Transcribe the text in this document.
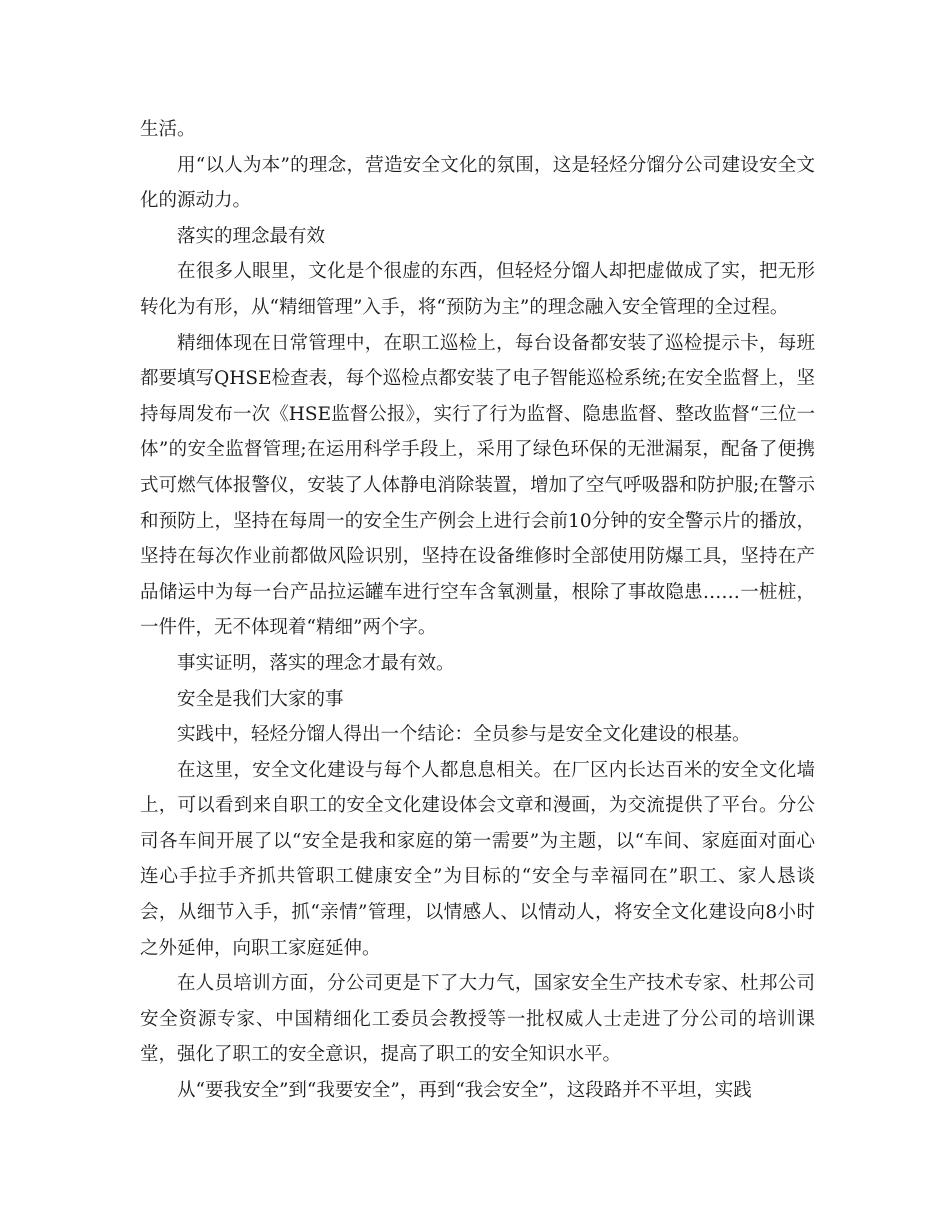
生活。

用“以人为本”的理念，营造安全文化的氛围，这是轻烃分馏分公司建设安全文化的源动力。

落实的理念最有效

在很多人眼里，文化是个很虚的东西，但轻烃分馏人却把虚做成了实，把无形转化为有形，从“精细管理”入手，将“预防为主”的理念融入安全管理的全过程。

精细体现在日常管理中，在职工巡检上，每台设备都安装了巡检提示卡，每班都要填写QHSE检查表，每个巡检点都安装了电子智能巡检系统;在安全监督上，坚持每周发布一次《HSE监督公报》，实行了行为监督、隐患监督、整改监督“三位一体”的安全监督管理;在运用科学手段上，采用了绿色环保的无泄漏泵，配备了便携式可燃气体报警仪，安装了人体静电消除装置，增加了空气呼吸器和防护服;在警示和预防上，坚持在每周一的安全生产例会上进行会前10分钟的安全警示片的播放，坚持在每次作业前都做风险识别，坚持在设备维修时全部使用防爆工具，坚持在产品储运中为每一台产品拉运罐车进行空车含氧测量，根除了事故隐患……一桩桩，一件件，无不体现着“精细”两个字。

事实证明，落实的理念才最有效。

安全是我们大家的事

实践中，轻烃分馏人得出一个结论：全员参与是安全文化建设的根基。

在这里，安全文化建设与每个人都息息相关。在厂区内长达百米的安全文化墙上，可以看到来自职工的安全文化建设体会文章和漫画，为交流提供了平台。分公司各车间开展了以“安全是我和家庭的第一需要”为主题，以“车间、家庭面对面心连心手拉手齐抓共管职工健康安全”为目标的“安全与幸福同在”职工、家人恳谈会，从细节入手，抓“亲情”管理，以情感人、以情动人，将安全文化建设向8小时之外延伸，向职工家庭延伸。

在人员培训方面，分公司更是下了大力气，国家安全生产技术专家、杜邦公司安全资源专家、中国精细化工委员会教授等一批权威人士走进了分公司的培训课堂，强化了职工的安全意识，提高了职工的安全知识水平。

从“要我安全”到“我要安全”，再到“我会安全”，这段路并不平坦，实践
